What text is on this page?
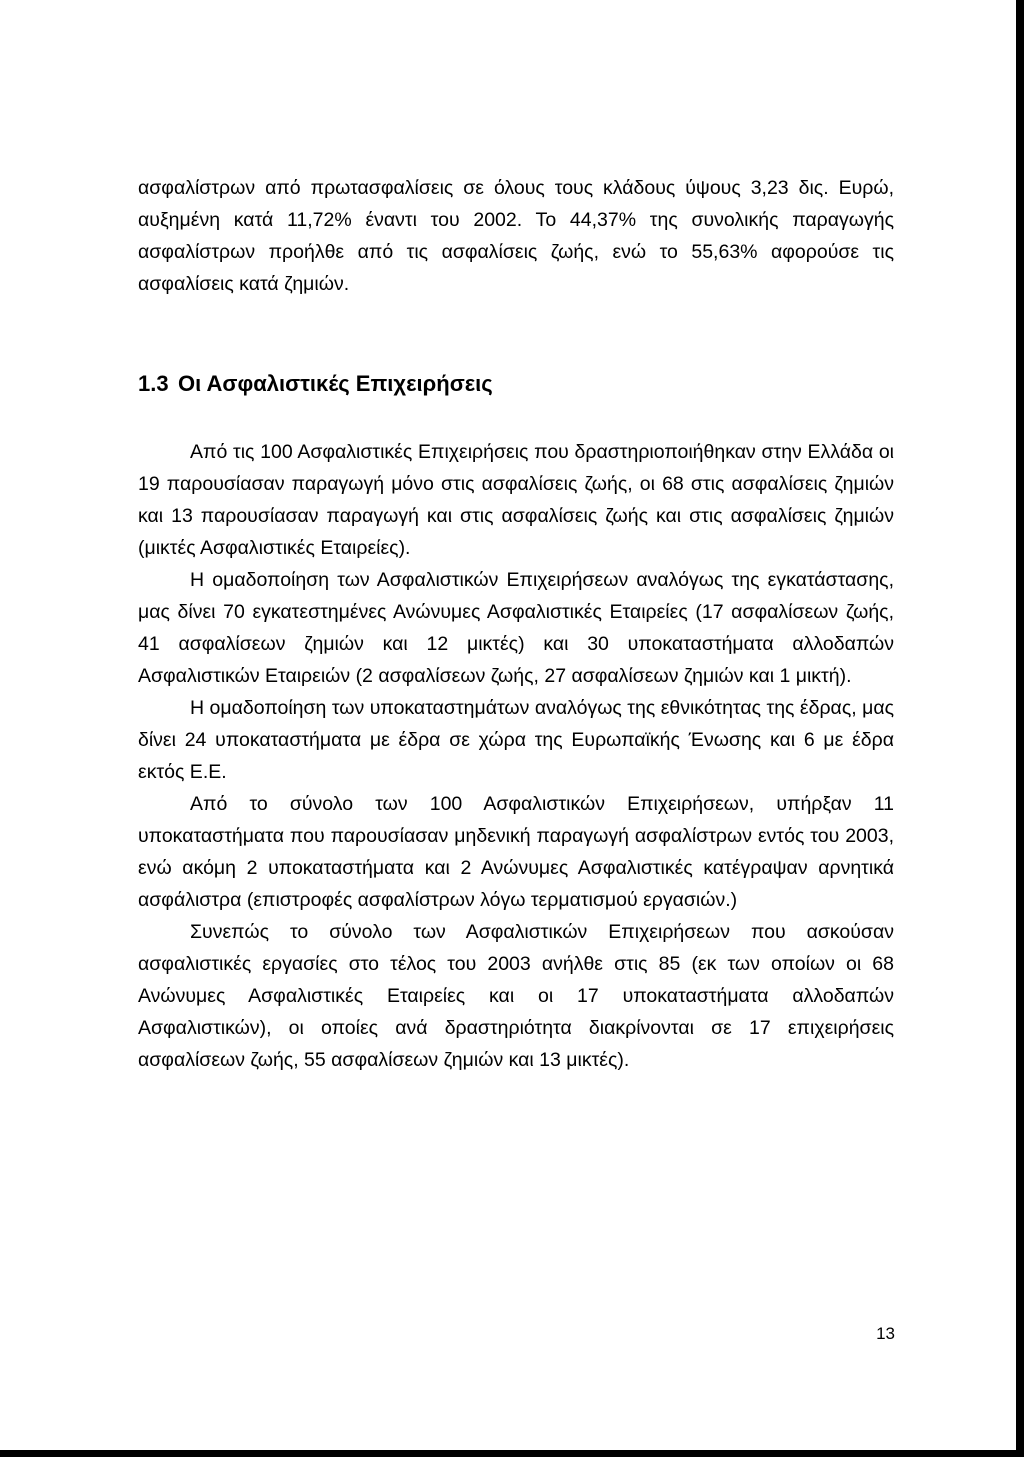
ασφαλίστρων από πρωτασφαλίσεις σε όλους τους κλάδους ύψους 3,23 δις. Ευρώ, αυξημένη κατά 11,72% έναντι του 2002. Το 44,37% της συνολικής παραγωγής ασφαλίστρων προήλθε από τις ασφαλίσεις ζωής, ενώ το 55,63% αφορούσε τις ασφαλίσεις κατά ζημιών.

1.3 Οι Ασφαλιστικές Επιχειρήσεις

Από τις 100 Ασφαλιστικές Επιχειρήσεις που δραστηριοποιήθηκαν στην Ελλάδα οι 19 παρουσίασαν παραγωγή μόνο στις ασφαλίσεις ζωής, οι 68 στις ασφαλίσεις ζημιών και 13 παρουσίασαν παραγωγή και στις ασφαλίσεις ζωής και στις ασφαλίσεις ζημιών (μικτές Ασφαλιστικές Εταιρείες).

Η ομαδοποίηση των Ασφαλιστικών Επιχειρήσεων αναλόγως της εγκατάστασης, μας δίνει 70 εγκατεστημένες Ανώνυμες Ασφαλιστικές Εταιρείες (17 ασφαλίσεων ζωής, 41 ασφαλίσεων ζημιών και 12 μικτές) και 30 υποκαταστήματα αλλοδαπών Ασφαλιστικών Εταιρειών (2 ασφαλίσεων ζωής, 27 ασφαλίσεων ζημιών και 1 μικτή).

Η ομαδοποίηση των υποκαταστημάτων αναλόγως της εθνικότητας της έδρας, μας δίνει 24 υποκαταστήματα με έδρα σε χώρα της Ευρωπαϊκής Ένωσης και 6 με έδρα εκτός Ε.Ε.

Από το σύνολο των 100 Ασφαλιστικών Επιχειρήσεων, υπήρξαν 11 υποκαταστήματα που παρουσίασαν μηδενική παραγωγή ασφαλίστρων εντός του 2003, ενώ ακόμη 2 υποκαταστήματα και 2 Ανώνυμες Ασφαλιστικές κατέγραψαν αρνητικά ασφάλιστρα (επιστροφές ασφαλίστρων λόγω τερματισμού εργασιών.)

Συνεπώς το σύνολο των Ασφαλιστικών Επιχειρήσεων που ασκούσαν ασφαλιστικές εργασίες στο τέλος του 2003 ανήλθε στις 85 (εκ των οποίων οι 68 Ανώνυμες Ασφαλιστικές Εταιρείες και οι 17 υποκαταστήματα αλλοδαπών Ασφαλιστικών), οι οποίες ανά δραστηριότητα διακρίνονται σε 17 επιχειρήσεις ασφαλίσεων ζωής, 55 ασφαλίσεων ζημιών και 13 μικτές).

13
